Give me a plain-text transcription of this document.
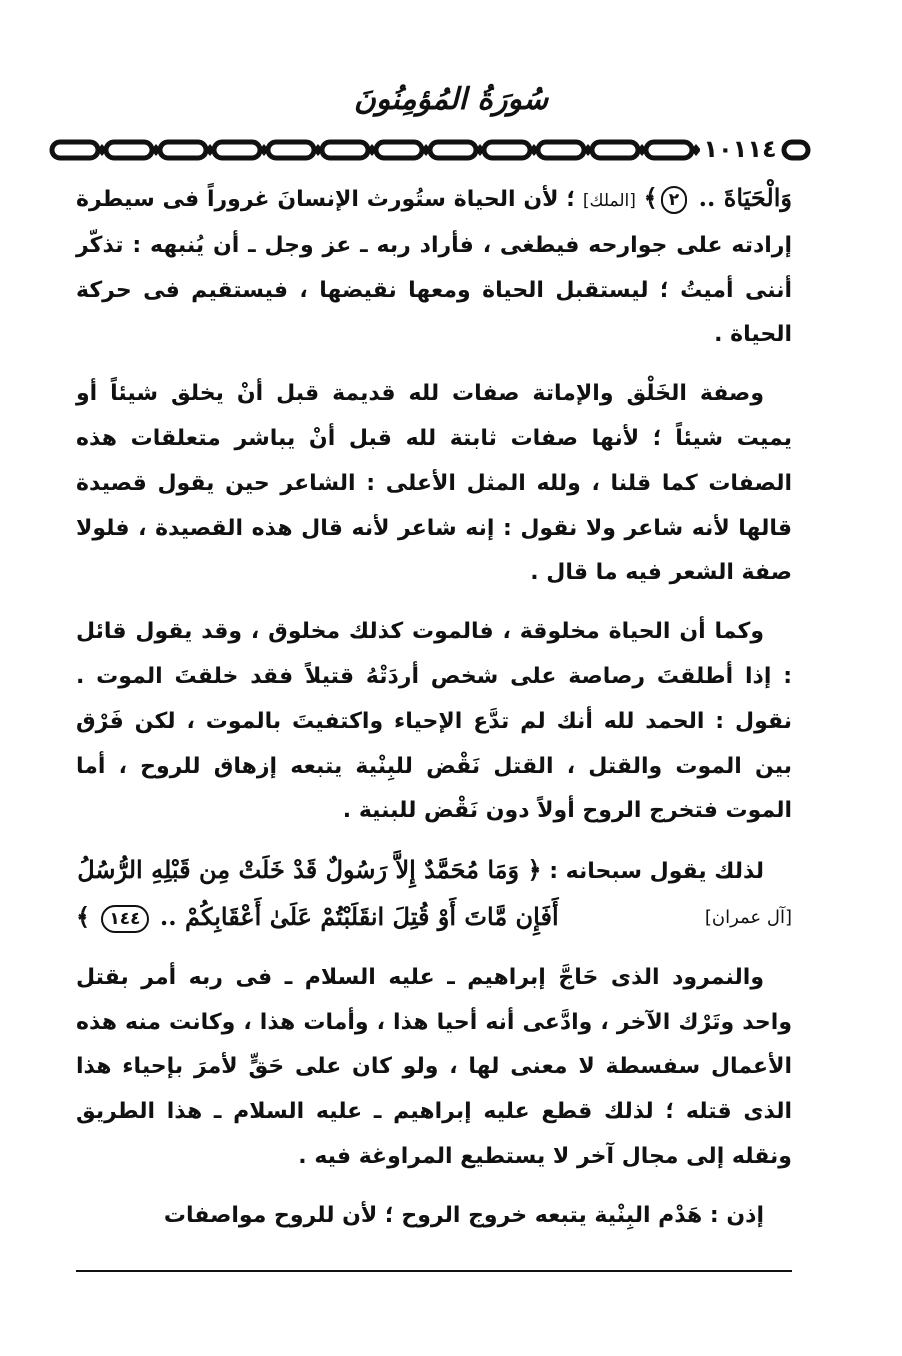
سُورَةُ المُؤمِنُونَ
١٠١١٤

وَالْحَيَاةَ .. ٢﴾ [الملك] ؛ لأن الحياة ستُورث الإنسانَ غروراً فى سيطرة إرادته على جوارحه فيطغى ، فأراد ربه ـ عز وجل ـ أن يُنبهه : تذكّر أننى أميتُ ؛ ليستقبل الحياة ومعها نقيضها ، فيستقيم فى حركة الحياة .

وصفة الخَلْق والإماتة صفات لله قديمة قبل أنْ يخلق شيئاً أو يميت شيئاً ؛ لأنها صفات ثابتة لله قبل أنْ يباشر متعلقات هذه الصفات كما قلنا ، ولله المثل الأعلى : الشاعر حين يقول قصيدة قالها لأنه شاعر ولا نقول : إنه شاعر لأنه قال هذه القصيدة ، فلولا صفة الشعر فيه ما قال .

وكما أن الحياة مخلوقة ، فالموت كذلك مخلوق ، وقد يقول قائل : إذا أطلقتَ رصاصة على شخص أردَتْهُ قتيلاً فقد خلقتَ الموت . نقول : الحمد لله أنك لم تدَّع الإحياء واكتفيتَ بالموت ، لكن فَرْق بين الموت والقتل ، القتل نَقْض للبِنْية يتبعه إزهاق للروح ، أما الموت فتخرج الروح أولاً دون نَقْض للبنية .

لذلك يقول سبحانه : ﴿ وَمَا مُحَمَّدٌ إِلاَّ رَسُولٌ قَدْ خَلَتْ مِن قَبْلِهِ الرُّسُلُ
أَفَإِن مَّاتَ أَوْ قُتِلَ انقَلَبْتُمْ عَلَىٰ أَعْقَابِكُمْ .. ١٤٤ ﴾	[آل عمران]

والنمرود الذى حَاجَّ إبراهيم ـ عليه السلام ـ فى ربه أمر بقتل واحد وتَرْك الآخر ، وادَّعى أنه أحيا هذا ، وأمات هذا ، وكانت منه هذه الأعمال سفسطة لا معنى لها ، ولو كان على حَقٍّ لأمرَ بإحياء هذا الذى قتله ؛ لذلك قطع عليه إبراهيم ـ عليه السلام ـ هذا الطريق ونقله إلى مجال آخر لا يستطيع المراوغة فيه .

إذن : هَدْم البِنْية يتبعه خروج الروح ؛ لأن للروح مواصفات
